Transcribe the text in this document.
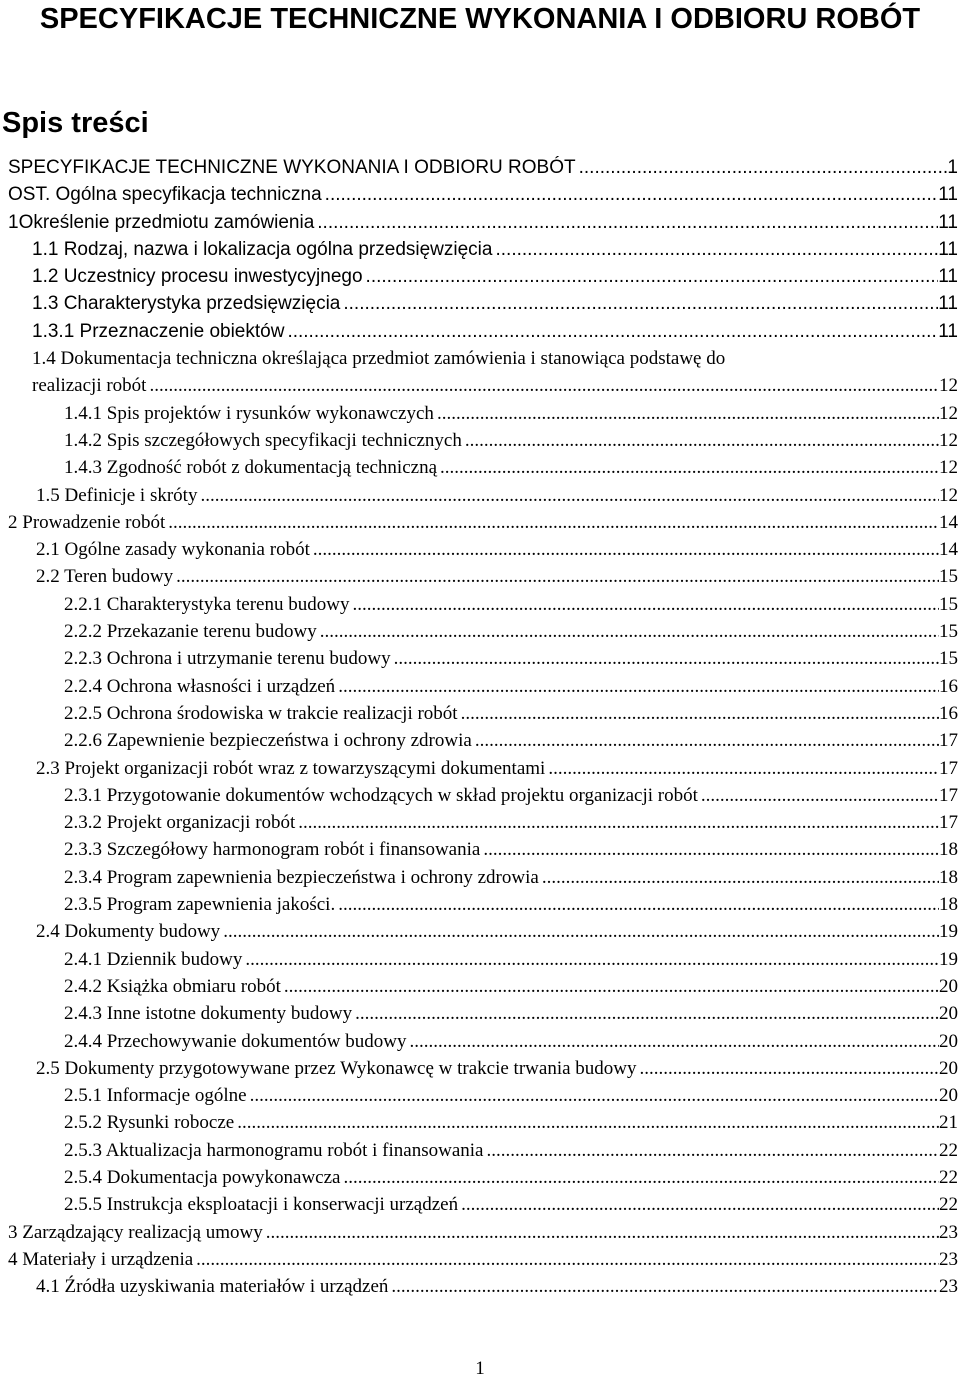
SPECYFIKACJE TECHNICZNE WYKONANIA I ODBIORU ROBÓT
Spis treści
SPECYFIKACJE TECHNICZNE WYKONANIA I ODBIORU ROBÓT .....	1
OST. Ogólna specyfikacja techniczna .....	11
1Określenie przedmiotu zamówienia .....	11
1.1 Rodzaj, nazwa i lokalizacja ogólna przedsięwzięcia .....	11
1.2 Uczestnicy procesu inwestycyjnego .....	11
1.3 Charakterystyka przedsięwzięcia .....	11
1.3.1 Przeznaczenie obiektów .....	11
1.4 Dokumentacja techniczna określająca przedmiot zamówienia i stanowiąca podstawę do
realizacji robót .....	12
1.4.1 Spis projektów i rysunków wykonawczych .....	12
1.4.2 Spis szczegółowych specyfikacji technicznych .....	12
1.4.3 Zgodność robót z dokumentacją techniczną .....	12
1.5 Definicje i skróty .....	12
2 Prowadzenie robót .....	14
2.1 Ogólne zasady wykonania robót .....	14
2.2 Teren budowy .....	15
2.2.1 Charakterystyka terenu budowy .....	15
2.2.2 Przekazanie terenu budowy .....	15
2.2.3 Ochrona i utrzymanie terenu budowy .....	15
2.2.4 Ochrona własności i urządzeń .....	16
2.2.5 Ochrona środowiska w trakcie realizacji robót .....	16
2.2.6 Zapewnienie bezpieczeństwa i ochrony zdrowia .....	17
2.3 Projekt organizacji robót wraz z towarzyszącymi dokumentami .....	17
2.3.1 Przygotowanie dokumentów wchodzących w skład projektu organizacji robót .....	17
2.3.2 Projekt organizacji robót .....	17
2.3.3 Szczegółowy harmonogram robót i finansowania .....	18
2.3.4 Program zapewnienia bezpieczeństwa i ochrony zdrowia .....	18
2.3.5 Program zapewnienia jakości. .....	18
2.4 Dokumenty budowy .....	19
2.4.1 Dziennik budowy .....	19
2.4.2 Książka obmiaru robót .....	20
2.4.3 Inne istotne dokumenty budowy .....	20
2.4.4 Przechowywanie dokumentów budowy .....	20
2.5 Dokumenty przygotowywane przez Wykonawcę w trakcie trwania budowy .....	20
2.5.1 Informacje ogólne .....	20
2.5.2 Rysunki robocze .....	21
2.5.3 Aktualizacja harmonogramu robót i finansowania .....	22
2.5.4 Dokumentacja powykonawcza .....	22
2.5.5 Instrukcja eksploatacji i konserwacji urządzeń .....	22
3 Zarządzający realizacją umowy .....	23
4 Materiały i urządzenia .....	23
4.1 Źródła uzyskiwania materiałów i urządzeń .....	23
1
